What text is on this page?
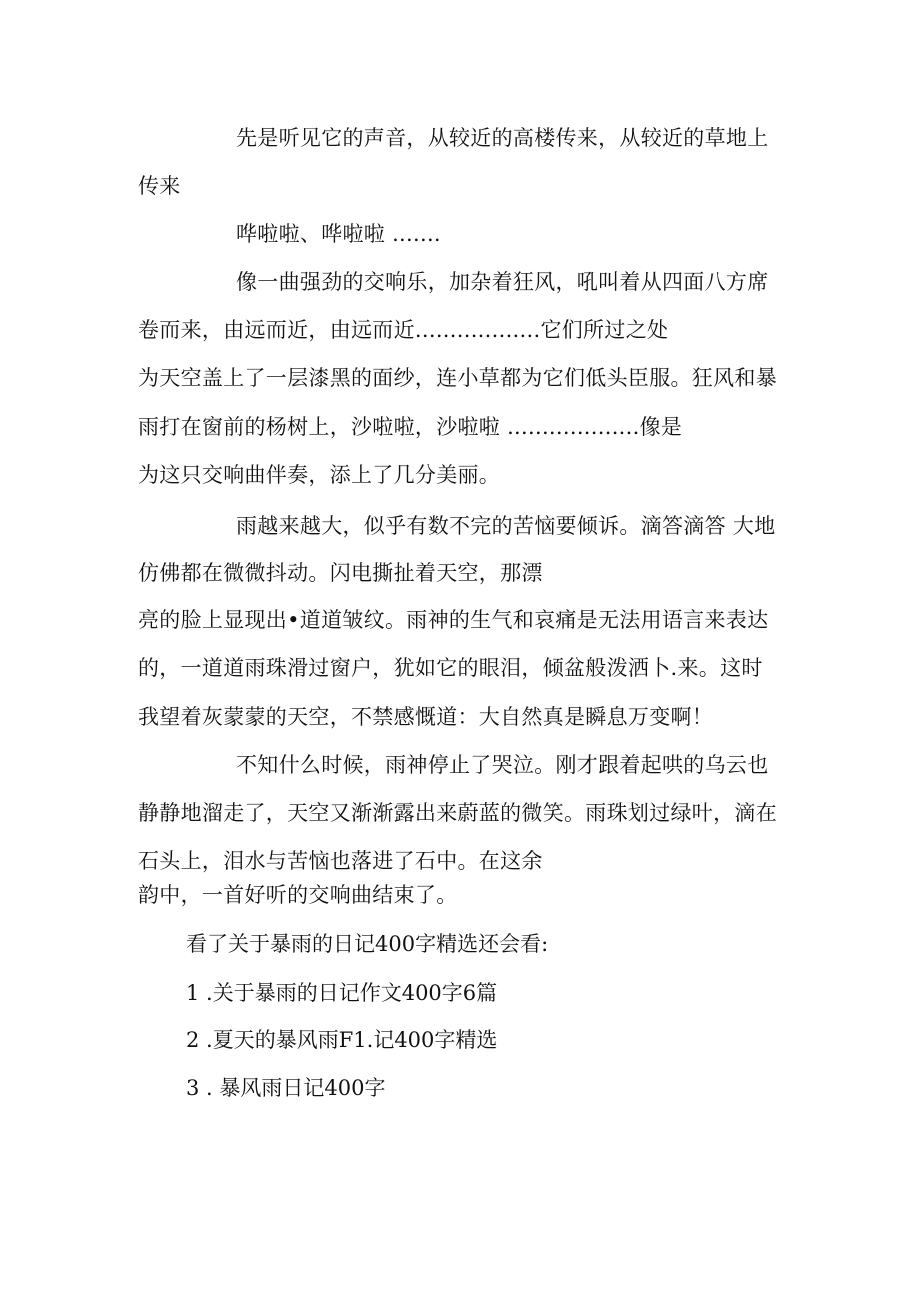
先是听见它的声音，从较近的高楼传来，从较近的草地上
传来
哗啦啦、哗啦啦 .......
像一曲强劲的交响乐，加杂着狂风，吼叫着从四面八方席
卷而来，由远而近，由远而近..................它们所过之处
为天空盖上了一层漆黑的面纱，连小草都为它们低头臣服。狂风和暴
雨打在窗前的杨树上，沙啦啦，沙啦啦 ...................像是
为这只交响曲伴奏，添上了几分美丽。
雨越来越大，似乎有数不完的苦恼要倾诉。滴答滴答 大地
仿佛都在微微抖动。闪电撕扯着天空，那漂
亮的脸上显现出•道道皱纹。雨神的生气和哀痛是无法用语言来表达
的，一道道雨珠滑过窗户，犹如它的眼泪，倾盆般泼洒卜.来。这时
我望着灰蒙蒙的天空，不禁感慨道：大自然真是瞬息万变啊！
不知什么时候，雨神停止了哭泣。刚才跟着起哄的乌云也
静静地溜走了，天空又渐渐露出来蔚蓝的微笑。雨珠划过绿叶，滴在
石头上，泪水与苦恼也落进了石中。在这余
韵中，一首好听的交响曲结束了。
看了关于暴雨的日记400字精选还会看:
1 .关于暴雨的日记作文400字6篇
2 .夏天的暴风雨F1.记400字精选
3 . 暴风雨日记400字
